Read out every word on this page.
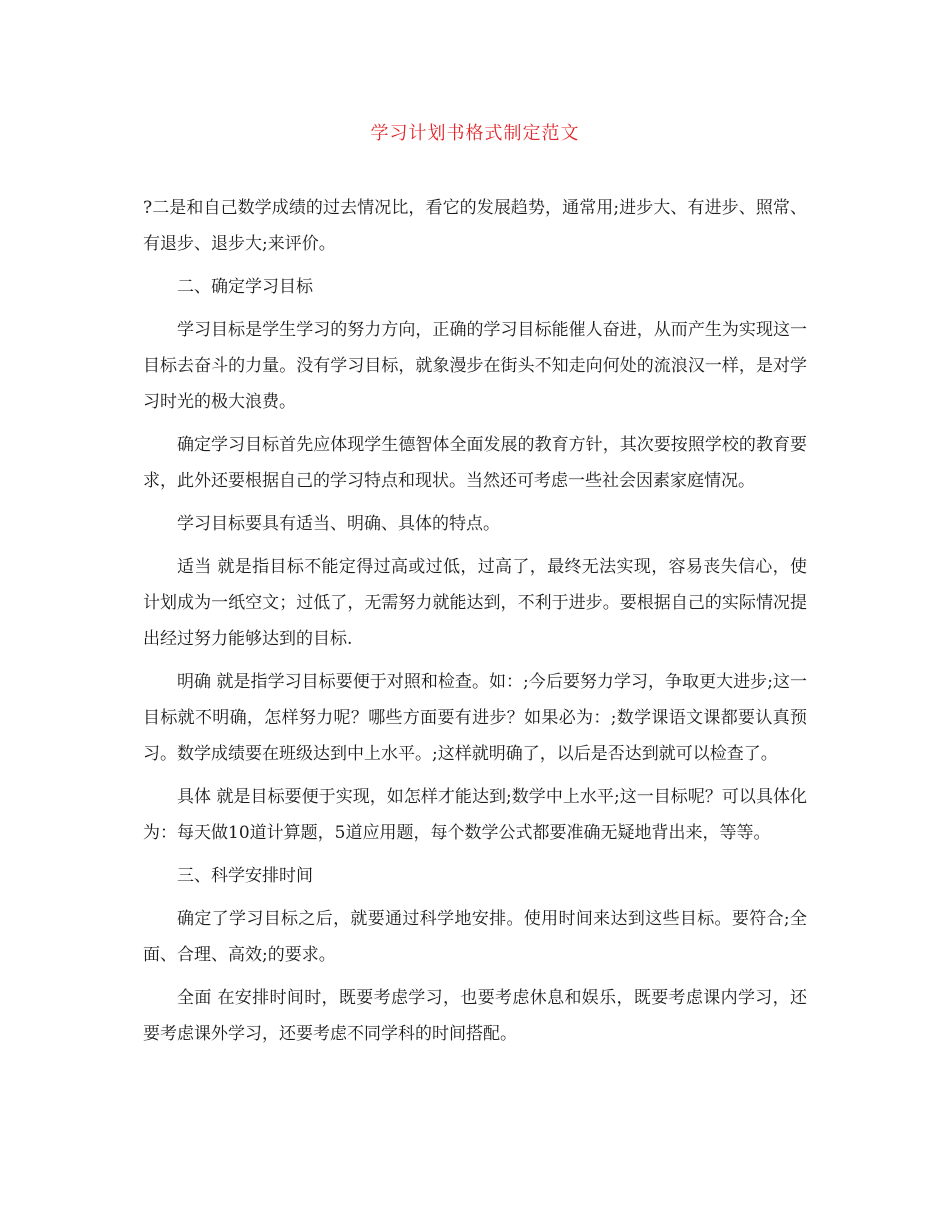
学习计划书格式制定范文

?二是和自己数学成绩的过去情况比，看它的发展趋势，通常用;进步大、有进步、照常、有退步、退步大;来评价。

二、确定学习目标

学习目标是学生学习的努力方向，正确的学习目标能催人奋进，从而产生为实现这一目标去奋斗的力量。没有学习目标，就象漫步在街头不知走向何处的流浪汉一样，是对学习时光的极大浪费。

确定学习目标首先应体现学生德智体全面发展的教育方针，其次要按照学校的教育要求，此外还要根据自己的学习特点和现状。当然还可考虑一些社会因素家庭情况。

学习目标要具有适当、明确、具体的特点。

适当 就是指目标不能定得过高或过低，过高了，最终无法实现，容易丧失信心，使计划成为一纸空文；过低了，无需努力就能达到，不利于进步。要根据自己的实际情况提出经过努力能够达到的目标.

明确 就是指学习目标要便于对照和检查。如：;今后要努力学习，争取更大进步;这一目标就不明确，怎样努力呢？哪些方面要有进步？如果必为：;数学课语文课都要认真预习。数学成绩要在班级达到中上水平。;这样就明确了，以后是否达到就可以检查了。

具体 就是目标要便于实现，如怎样才能达到;数学中上水平;这一目标呢？可以具体化为：每天做10道计算题，5道应用题，每个数学公式都要准确无疑地背出来，等等。

三、科学安排时间

确定了学习目标之后，就要通过科学地安排。使用时间来达到这些目标。要符合;全面、合理、高效;的要求。

全面 在安排时间时，既要考虑学习，也要考虑休息和娱乐，既要考虑课内学习，还要考虑课外学习，还要考虑不同学科的时间搭配。
